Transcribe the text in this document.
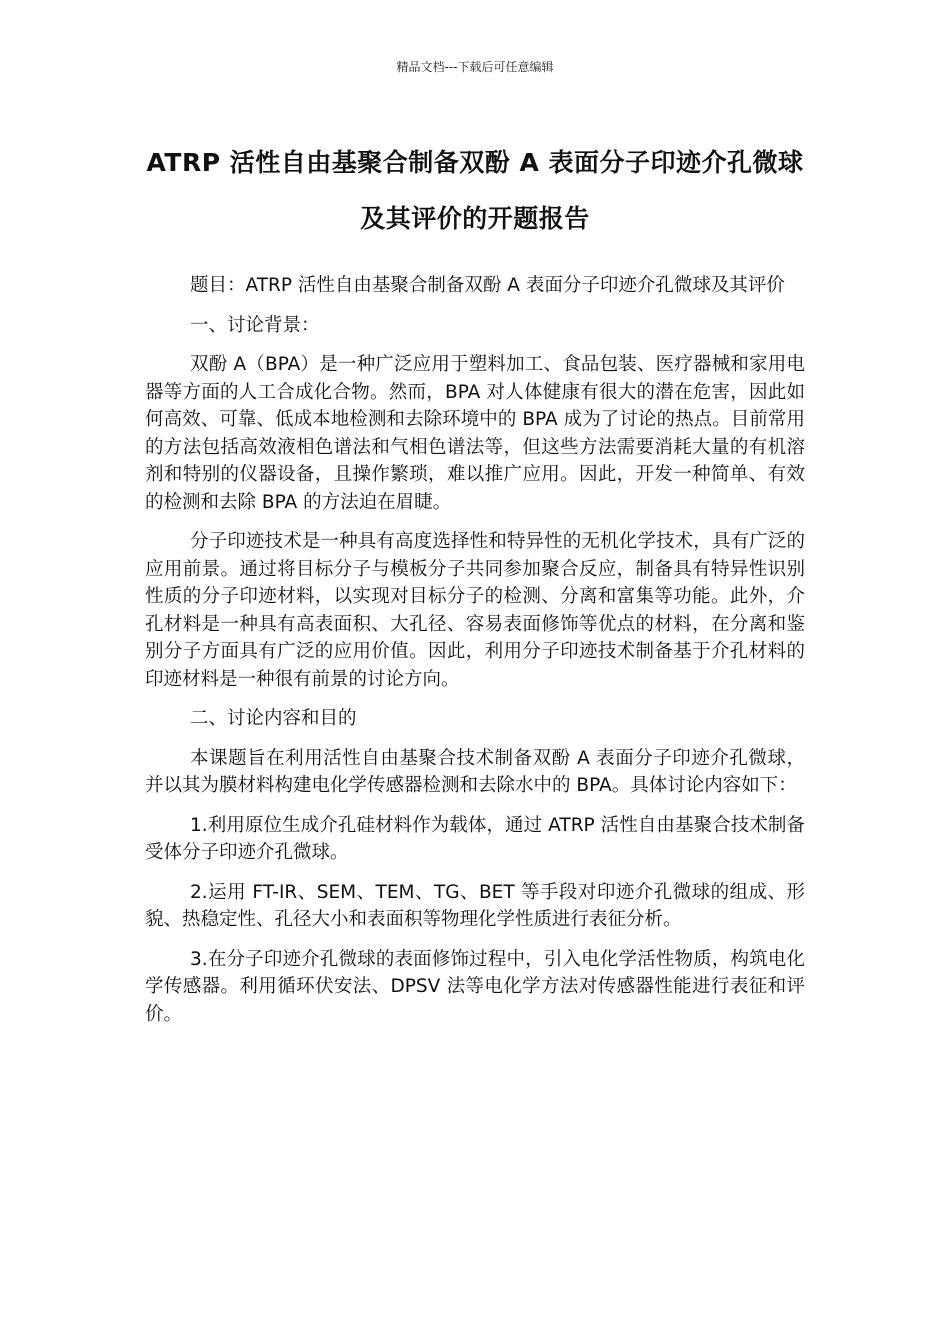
精品文档---下载后可任意编辑
ATRP 活性自由基聚合制备双酚 A 表面分子印迹介孔微球及其评价的开题报告

题目：ATRP 活性自由基聚合制备双酚 A 表面分子印迹介孔微球及其评价

一、讨论背景：

双酚 A（BPA）是一种广泛应用于塑料加工、食品包装、医疗器械和家用电器等方面的人工合成化合物。然而，BPA 对人体健康有很大的潜在危害，因此如何高效、可靠、低成本地检测和去除环境中的 BPA 成为了讨论的热点。目前常用的方法包括高效液相色谱法和气相色谱法等，但这些方法需要消耗大量的有机溶剂和特别的仪器设备，且操作繁琐，难以推广应用。因此，开发一种简单、有效的检测和去除 BPA 的方法迫在眉睫。

分子印迹技术是一种具有高度选择性和特异性的无机化学技术，具有广泛的应用前景。通过将目标分子与模板分子共同参加聚合反应，制备具有特异性识别性质的分子印迹材料，以实现对目标分子的检测、分离和富集等功能。此外，介孔材料是一种具有高表面积、大孔径、容易表面修饰等优点的材料，在分离和鉴别分子方面具有广泛的应用价值。因此，利用分子印迹技术制备基于介孔材料的印迹材料是一种很有前景的讨论方向。

二、讨论内容和目的

本课题旨在利用活性自由基聚合技术制备双酚 A 表面分子印迹介孔微球，并以其为膜材料构建电化学传感器检测和去除水中的 BPA。具体讨论内容如下：

1.利用原位生成介孔硅材料作为载体，通过 ATRP 活性自由基聚合技术制备受体分子印迹介孔微球。

2.运用 FT-IR、SEM、TEM、TG、BET 等手段对印迹介孔微球的组成、形貌、热稳定性、孔径大小和表面积等物理化学性质进行表征分析。

3.在分子印迹介孔微球的表面修饰过程中，引入电化学活性物质，构筑电化学传感器。利用循环伏安法、DPSV 法等电化学方法对传感器性能进行表征和评价。
